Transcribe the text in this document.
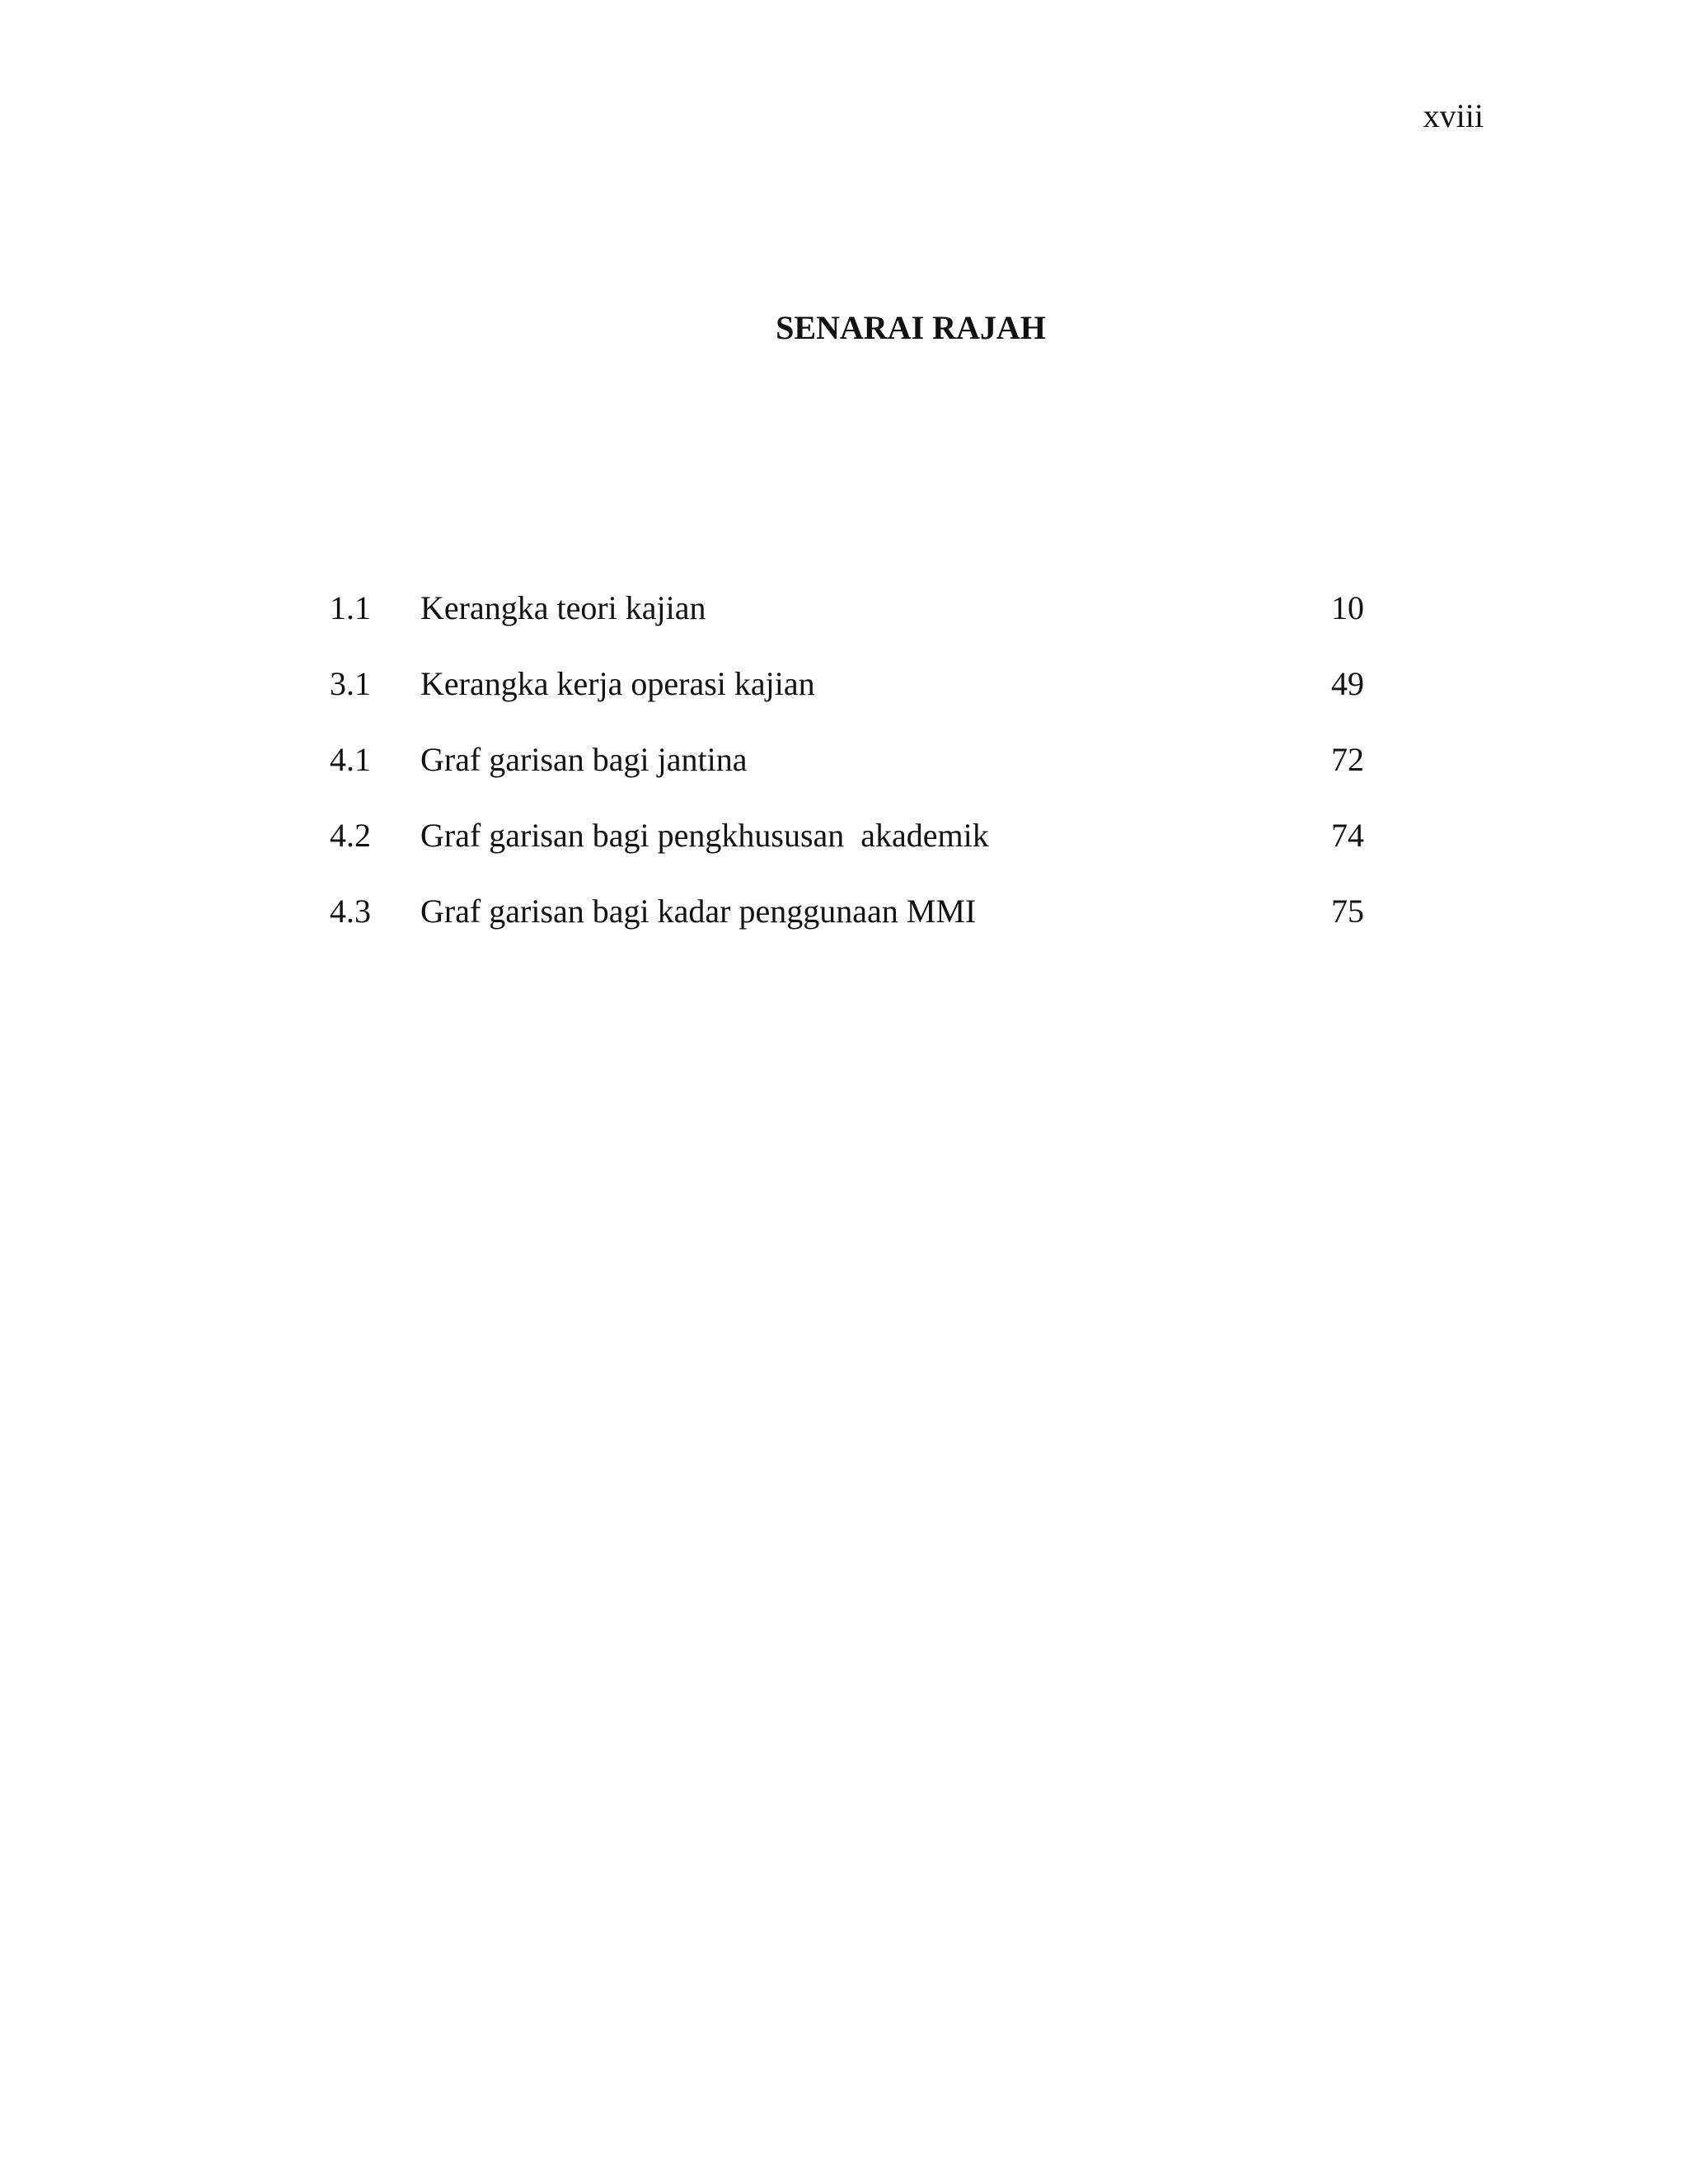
xviii
SENARAI RAJAH
1.1 Kerangka teori kajian	10
3.1 Kerangka kerja operasi kajian	49
4.1 Graf garisan bagi jantina	72
4.2 Graf garisan bagi pengkhususan  akademik	74
4.3 Graf garisan bagi kadar penggunaan MMI	75
